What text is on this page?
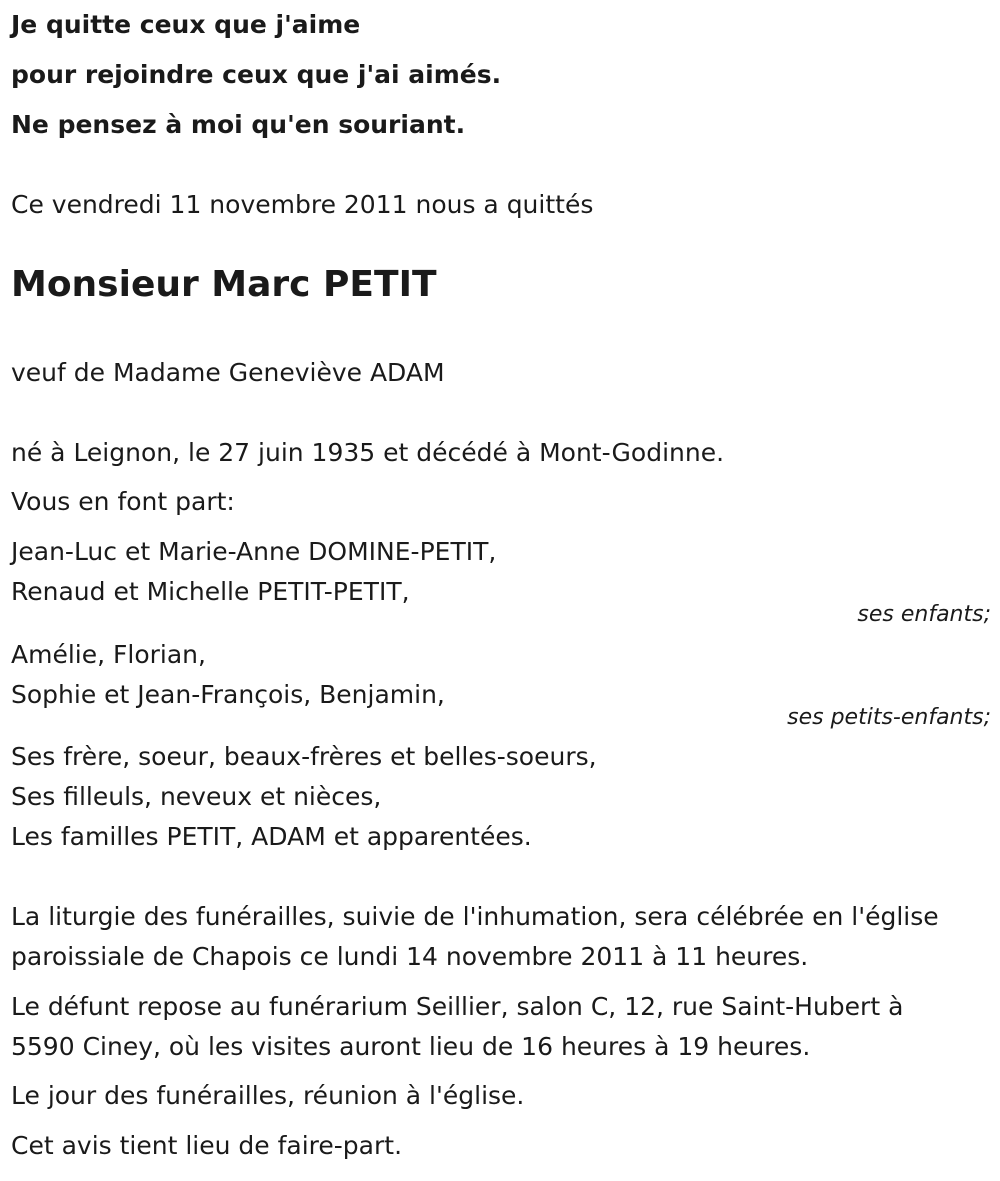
Je quitte ceux que j'aime
pour rejoindre ceux que j'ai aimés.
Ne pensez à moi qu'en souriant.
Ce vendredi 11 novembre 2011 nous a quittés
Monsieur Marc PETIT
veuf de Madame Geneviève ADAM
né à Leignon, le 27 juin 1935 et décédé à Mont-Godinne.
Vous en font part:
Jean-Luc et Marie-Anne DOMINE-PETIT,
Renaud et Michelle PETIT-PETIT,
ses enfants;
Amélie, Florian,
Sophie et Jean-François, Benjamin,
ses petits-enfants;
Ses frère, soeur, beaux-frères et belles-soeurs,
Ses filleuls, neveux et nièces,
Les familles PETIT, ADAM et apparentées.
La liturgie des funérailles, suivie de l'inhumation, sera célébrée en l'église
paroissiale de Chapois ce lundi 14 novembre 2011 à 11 heures.
Le défunt repose au funérarium Seillier, salon C, 12, rue Saint-Hubert à
5590 Ciney, où les visites auront lieu de 16 heures à 19 heures.
Le jour des funérailles, réunion à l'église.
Cet avis tient lieu de faire-part.
